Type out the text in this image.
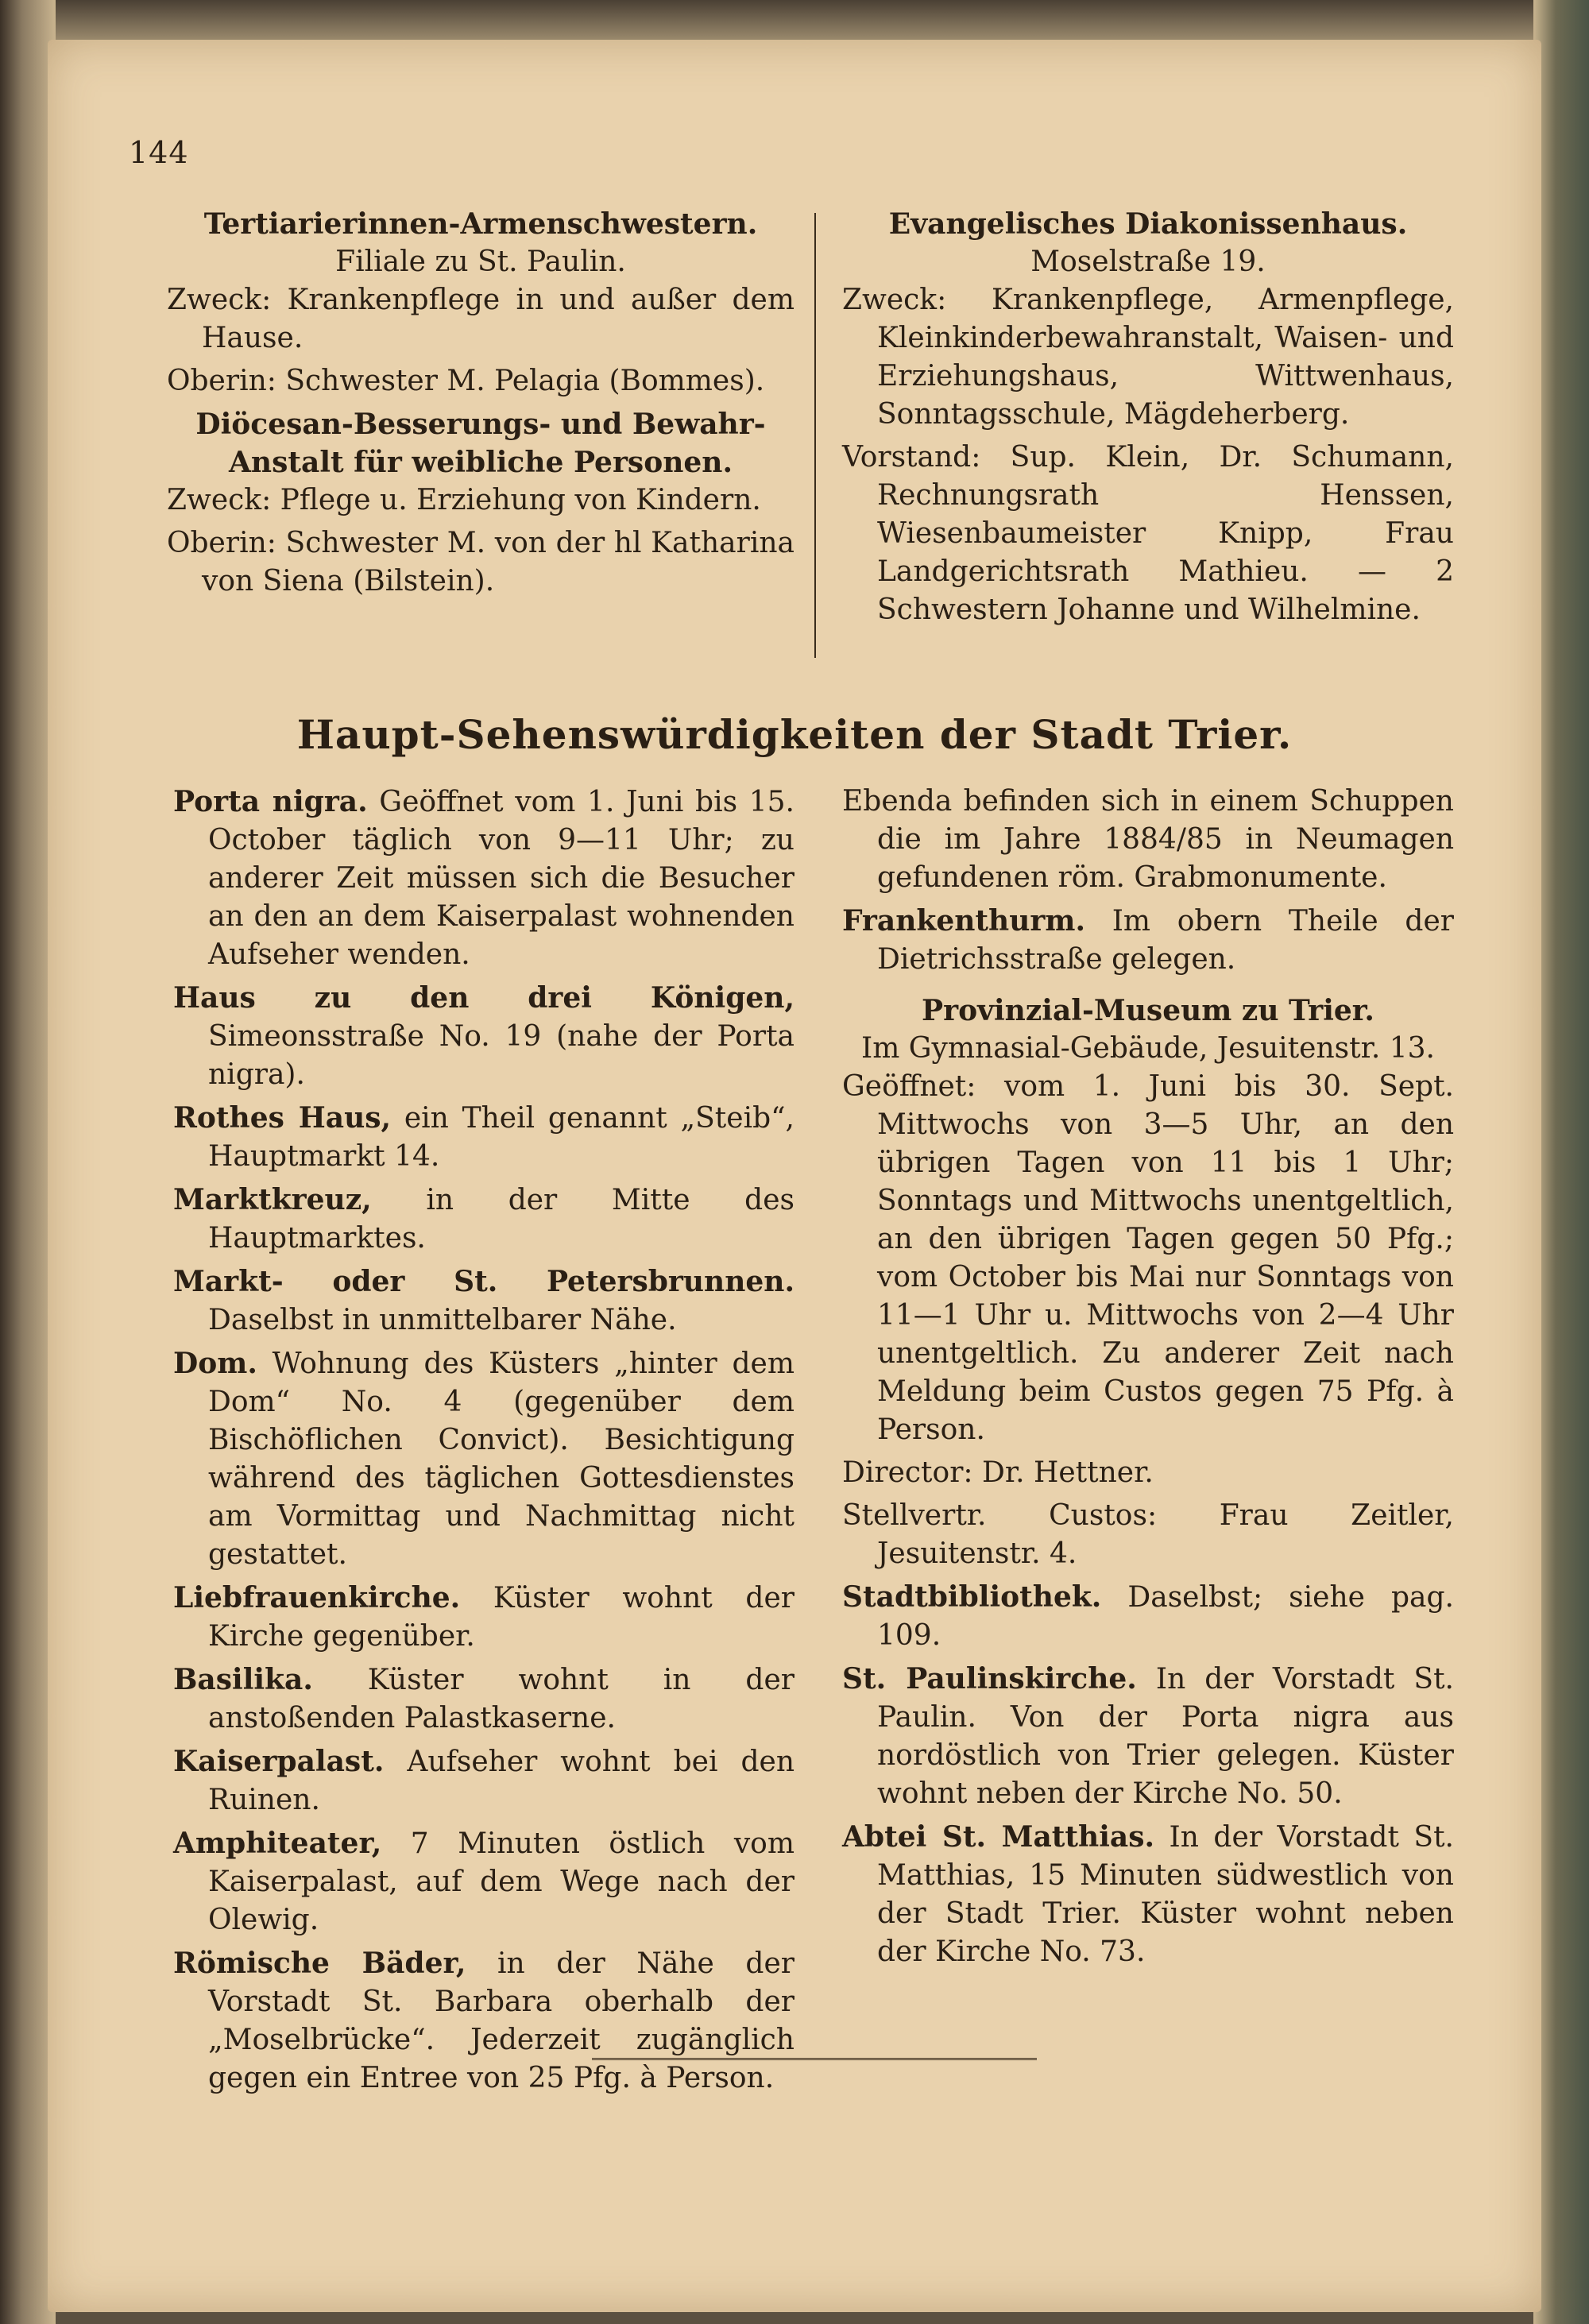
144

Tertiarierinnen-Armenschwestern.

Filiale zu St. Paulin.

Zweck: Krankenpflege in und außer dem Hause.

Oberin: Schwester M. Pelagia (Bommes).

Diöcesan-Besserungs- und Bewahr-Anstalt für weibliche Personen.

Zweck: Pflege u. Erziehung von Kindern.

Oberin: Schwester M. von der hl Katharina von Siena (Bilstein).

Evangelisches Diakonissenhaus.

Moselstraße 19.

Zweck: Krankenpflege, Armenpflege, Kleinkinderbewahranstalt, Waisen- und Erziehungshaus, Wittwenhaus, Sonntagsschule, Mägdeherberg.

Vorstand: Sup. Klein, Dr. Schumann, Rechnungsrath Henssen, Wiesenbaumeister Knipp, Frau Landgerichtsrath Mathieu. — 2 Schwestern Johanne und Wilhelmine.

Haupt-Sehenswürdigkeiten der Stadt Trier.

Porta nigra. Geöffnet vom 1. Juni bis 15. October täglich von 9—11 Uhr; zu anderer Zeit müssen sich die Besucher an den an dem Kaiserpalast wohnenden Aufseher wenden.

Haus zu den drei Königen, Simeonsstraße No. 19 (nahe der Porta nigra).

Rothes Haus, ein Theil genannt „Steib“, Hauptmarkt 14.

Marktkreuz, in der Mitte des Hauptmarktes.

Markt- oder St. Petersbrunnen. Daselbst in unmittelbarer Nähe.

Dom. Wohnung des Küsters „hinter dem Dom“ No. 4 (gegenüber dem Bischöflichen Convict). Besichtigung während des täglichen Gottesdienstes am Vormittag und Nachmittag nicht gestattet.

Liebfrauenkirche. Küster wohnt der Kirche gegenüber.

Basilika. Küster wohnt in der anstoßenden Palastkaserne.

Kaiserpalast. Aufseher wohnt bei den Ruinen.

Amphiteater, 7 Minuten östlich vom Kaiserpalast, auf dem Wege nach der Olewig.

Römische Bäder, in der Nähe der Vorstadt St. Barbara oberhalb der „Moselbrücke“. Jederzeit zugänglich gegen ein Entree von 25 Pfg. à Person.

Ebenda befinden sich in einem Schuppen die im Jahre 1884/85 in Neumagen gefundenen röm. Grabmonumente.

Frankenthurm. Im obern Theile der Dietrichsstraße gelegen.

Provinzial-Museum zu Trier.

Im Gymnasial-Gebäude, Jesuitenstr. 13.

Geöffnet: vom 1. Juni bis 30. Sept. Mittwochs von 3—5 Uhr, an den übrigen Tagen von 11 bis 1 Uhr; Sonntags und Mittwochs unentgeltlich, an den übrigen Tagen gegen 50 Pfg.; vom October bis Mai nur Sonntags von 11—1 Uhr u. Mittwochs von 2—4 Uhr unentgeltlich. Zu anderer Zeit nach Meldung beim Custos gegen 75 Pfg. à Person.

Director: Dr. Hettner.

Stellvertr. Custos: Frau Zeitler, Jesuitenstr. 4.

Stadtbibliothek. Daselbst; siehe pag. 109.

St. Paulinskirche. In der Vorstadt St. Paulin. Von der Porta nigra aus nordöstlich von Trier gelegen. Küster wohnt neben der Kirche No. 50.

Abtei St. Matthias. In der Vorstadt St. Matthias, 15 Minuten südwestlich von der Stadt Trier. Küster wohnt neben der Kirche No. 73.
